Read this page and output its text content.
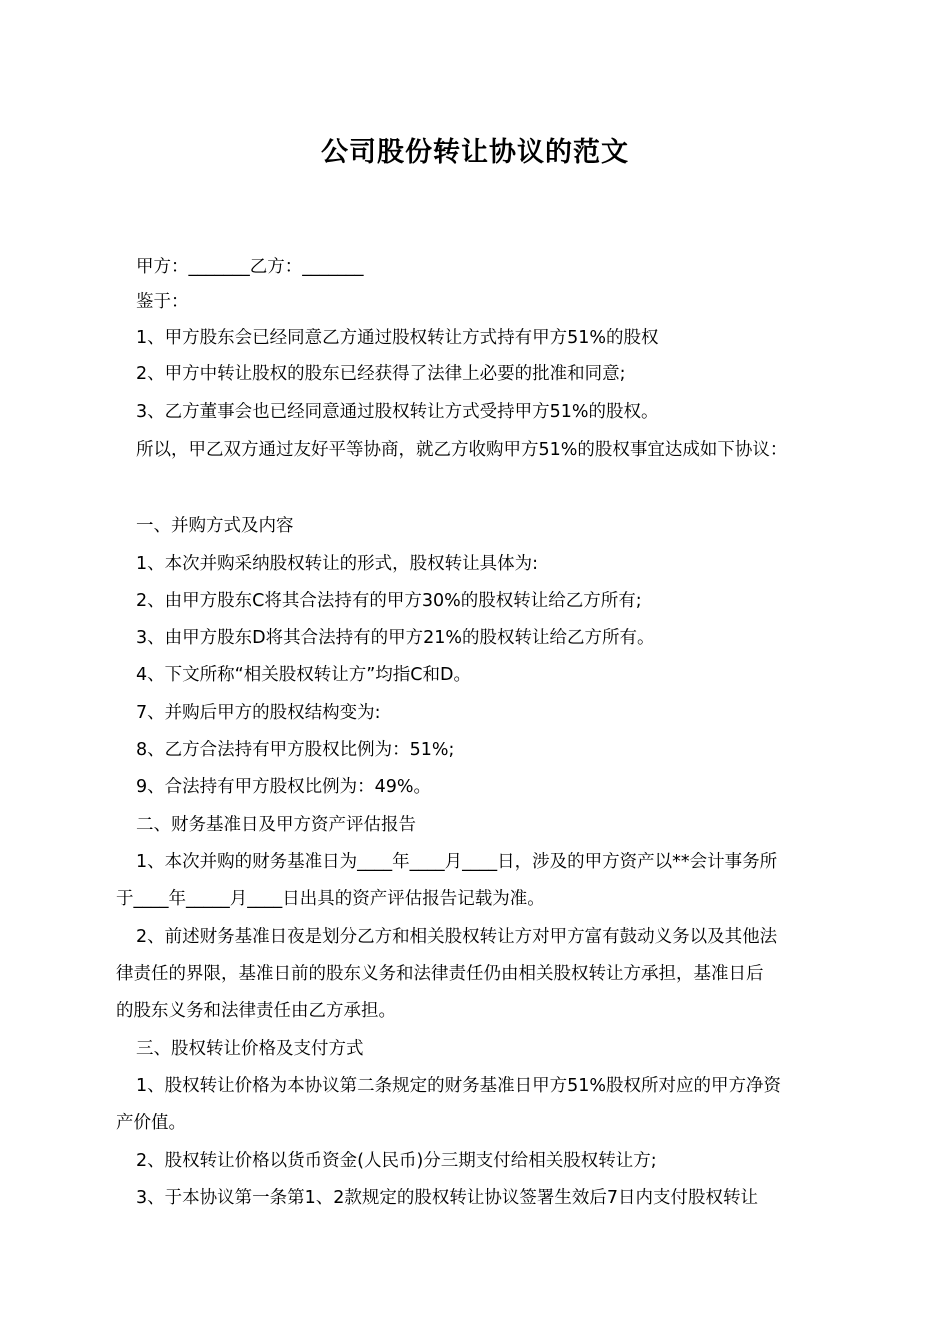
公司股份转让协议的范文

甲方：_______乙方：_______

鉴于：

1、甲方股东会已经同意乙方通过股权转让方式持有甲方51%的股权

2、甲方中转让股权的股东已经获得了法律上必要的批准和同意;

3、乙方董事会也已经同意通过股权转让方式受持甲方51%的股权。

所以，甲乙双方通过友好平等协商，就乙方收购甲方51%的股权事宜达成如下协议：

一、并购方式及内容

1、本次并购采纳股权转让的形式，股权转让具体为:

2、由甲方股东C将其合法持有的甲方30%的股权转让给乙方所有;

3、由甲方股东D将其合法持有的甲方21%的股权转让给乙方所有。

4、下文所称“相关股权转让方”均指C和D。

7、并购后甲方的股权结构变为:

8、乙方合法持有甲方股权比例为：51%;

9、合法持有甲方股权比例为：49%。

二、财务基准日及甲方资产评估报告

1、本次并购的财务基准日为____年____月____日，涉及的甲方资产以**会计事务所

于____年_____月____日出具的资产评估报告记载为准。

2、前述财务基准日夜是划分乙方和相关股权转让方对甲方富有鼓动义务以及其他法

律责任的界限，基准日前的股东义务和法律责任仍由相关股权转让方承担，基准日后

的股东义务和法律责任由乙方承担。

三、股权转让价格及支付方式

1、股权转让价格为本协议第二条规定的财务基准日甲方51%股权所对应的甲方净资

产价值。

2、股权转让价格以货币资金(人民币)分三期支付给相关股权转让方;

3、于本协议第一条第1、2款规定的股权转让协议签署生效后7日内支付股权转让
